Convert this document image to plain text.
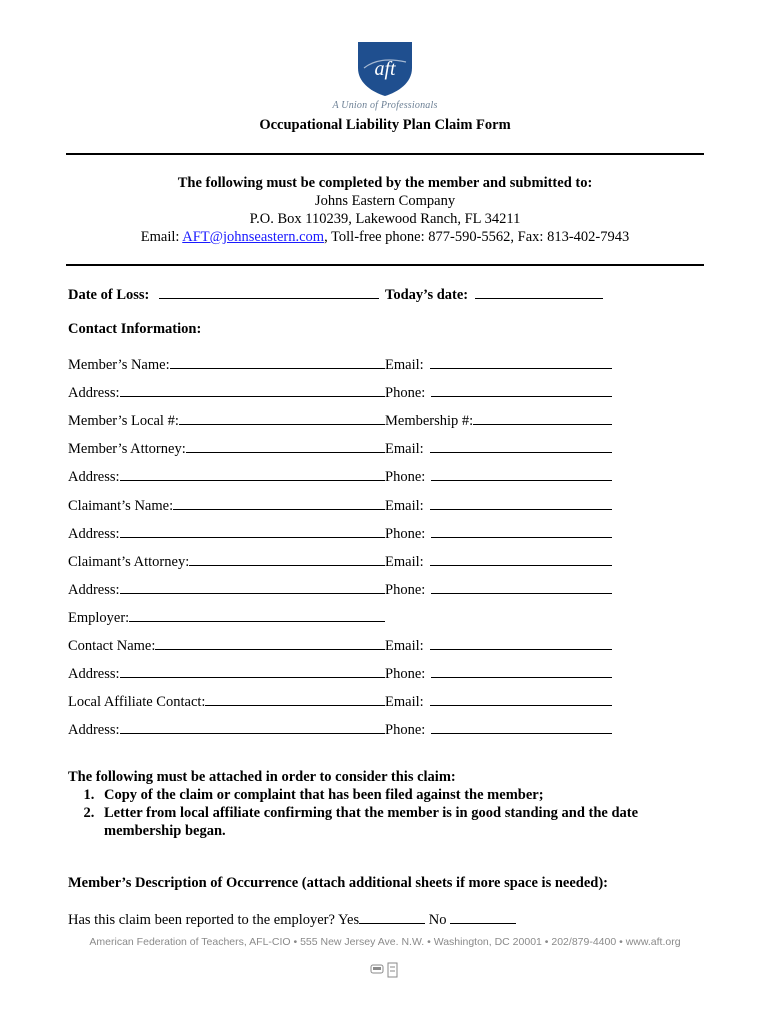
aft
A Union of Professionals
Occupational Liability Plan Claim Form
The following must be completed by the member and submitted to:
Johns Eastern Company
P.O. Box 110239, Lakewood Ranch, FL 34211
Email: AFT@johnseastern.com, Toll-free phone: 877-590-5562, Fax: 813-402-7943
Date of Loss:	Today’s date:
Contact Information:
Member’s Name:	Email:
Address:	Phone:
Member’s Local #:	Membership #:
Member’s Attorney:	Email:
Address:	Phone:
Claimant’s Name:	Email:
Address:	Phone:
Claimant’s Attorney:	Email:
Address:	Phone:
Employer:
Contact Name:	Email:
Address:	Phone:
Local Affiliate Contact:	Email:
Address:	Phone:
The following must be attached in order to consider this claim:
1. Copy of the claim or complaint that has been filed against the member;
2. Letter from local affiliate confirming that the member is in good standing and the date membership began.
Member’s Description of Occurrence (attach additional sheets if more space is needed):
Has this claim been reported to the employer? Yes	No
American Federation of Teachers, AFL-CIO • 555 New Jersey Ave. N.W. • Washington, DC 20001 • 202/879-4400 • www.aft.org
